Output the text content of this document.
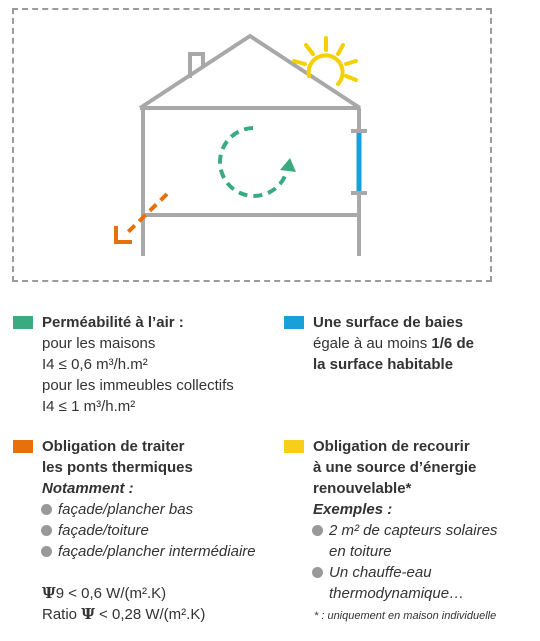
Perméabilité à l’air :
pour les maisons
I4 ≤ 0,6 m³/h.m²
pour les immeubles collectifs
I4 ≤ 1 m³/h.m²
Une surface de baies
égale à au moins 1/6 de
la surface habitable
Obligation de traiter
les ponts thermiques
Notamment :
façade/plancher bas
façade/toiture
façade/plancher intermédiaire
Ψ9 < 0,6 W/(m².K)
Ratio Ψ < 0,28 W/(m².K)
Obligation de recourir
à une source d’énergie
renouvelable*
Exemples :
2 m² de capteurs solaires
en toiture
Un chauffe-eau
thermodynamique…
* : uniquement en maison individuelle
